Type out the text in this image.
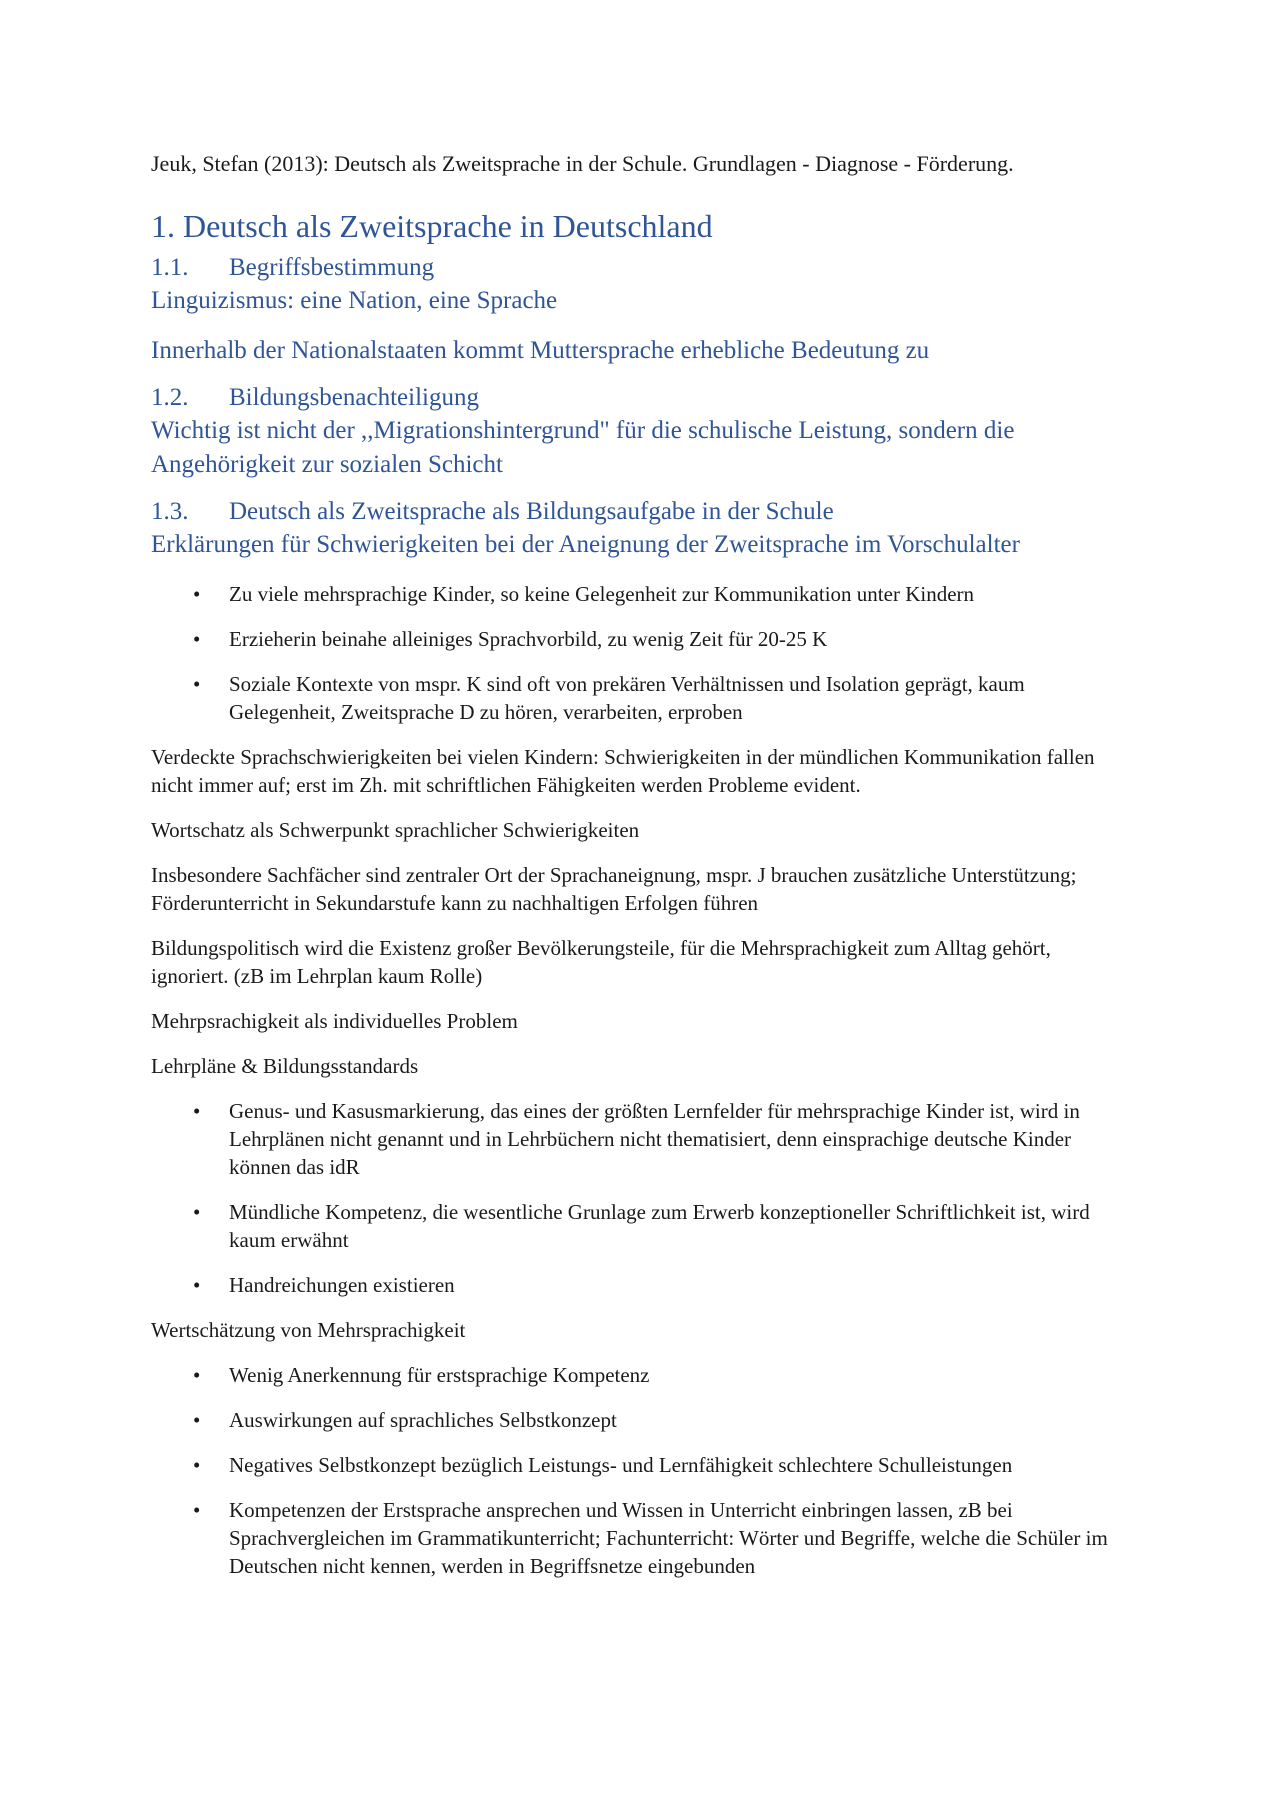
Jeuk, Stefan (2013): Deutsch als Zweitsprache in der Schule. Grundlagen - Diagnose - Förderung.

1. Deutsch als Zweitsprache in Deutschland
1.1. Begriffsbestimmung
Linguizismus: eine Nation, eine Sprache
Innerhalb der Nationalstaaten kommt Muttersprache erhebliche Bedeutung zu
1.2. Bildungsbenachteiligung
Wichtig ist nicht der ,,Migrationshintergrund" für die schulische Leistung, sondern die Angehörigkeit zur sozialen Schicht
1.3. Deutsch als Zweitsprache als Bildungsaufgabe in der Schule
Erklärungen für Schwierigkeiten bei der Aneignung der Zweitsprache im Vorschulalter
• Zu viele mehrsprachige Kinder, so keine Gelegenheit zur Kommunikation unter Kindern
• Erzieherin beinahe alleiniges Sprachvorbild, zu wenig Zeit für 20-25 K
• Soziale Kontexte von mspr. K sind oft von prekären Verhältnissen und Isolation geprägt, kaum Gelegenheit, Zweitsprache D zu hören, verarbeiten, erproben

Verdeckte Sprachschwierigkeiten bei vielen Kindern: Schwierigkeiten in der mündlichen Kommunikation fallen nicht immer auf; erst im Zh. mit schriftlichen Fähigkeiten werden Probleme evident.

Wortschatz als Schwerpunkt sprachlicher Schwierigkeiten

Insbesondere Sachfächer sind zentraler Ort der Sprachaneignung, mspr. J brauchen zusätzliche Unterstützung; Förderunterricht in Sekundarstufe kann zu nachhaltigen Erfolgen führen

Bildungspolitisch wird die Existenz großer Bevölkerungsteile, für die Mehrsprachigkeit zum Alltag gehört, ignoriert. (zB im Lehrplan kaum Rolle)

Mehrpsrachigkeit als individuelles Problem

Lehrpläne & Bildungsstandards

• Genus- und Kasusmarkierung, das eines der größten Lernfelder für mehrsprachige Kinder ist, wird in Lehrplänen nicht genannt und in Lehrbüchern nicht thematisiert, denn einsprachige deutsche Kinder können das idR
• Mündliche Kompetenz, die wesentliche Grunlage zum Erwerb konzeptioneller Schriftlichkeit ist, wird kaum erwähnt
• Handreichungen existieren

Wertschätzung von Mehrsprachigkeit

• Wenig Anerkennung für erstsprachige Kompetenz
• Auswirkungen auf sprachliches Selbstkonzept
• Negatives Selbstkonzept bezüglich Leistungs- und Lernfähigkeit schlechtere Schulleistungen
• Kompetenzen der Erstsprache ansprechen und Wissen in Unterricht einbringen lassen, zB bei Sprachvergleichen im Grammatikunterricht; Fachunterricht: Wörter und Begriffe, welche die Schüler im Deutschen nicht kennen, werden in Begriffsnetze eingebunden
